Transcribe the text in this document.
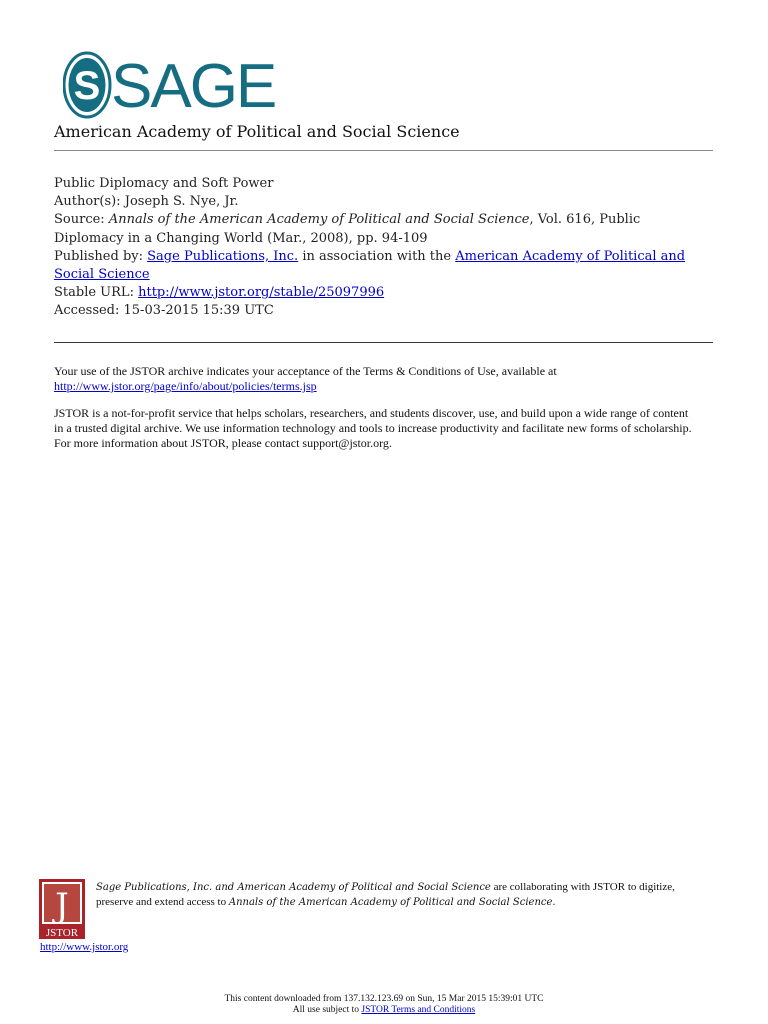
S SAGE
American Academy of Political and Social Science
Public Diplomacy and Soft Power
Author(s): Joseph S. Nye, Jr.
Source: Annals of the American Academy of Political and Social Science, Vol. 616, Public
Diplomacy in a Changing World (Mar., 2008), pp. 94-109
Published by: Sage Publications, Inc. in association with the American Academy of Political and
Social Science
Stable URL: http://www.jstor.org/stable/25097996
Accessed: 15-03-2015 15:39 UTC

Your use of the JSTOR archive indicates your acceptance of the Terms & Conditions of Use, available at
http://www.jstor.org/page/info/about/policies/terms.jsp

JSTOR is a not-for-profit service that helps scholars, researchers, and students discover, use, and build upon a wide range of content
in a trusted digital archive. We use information technology and tools to increase productivity and facilitate new forms of scholarship.
For more information about JSTOR, please contact support@jstor.org.

J
JSTOR
http://www.jstor.org
Sage Publications, Inc. and American Academy of Political and Social Science are collaborating with JSTOR to digitize,
preserve and extend access to Annals of the American Academy of Political and Social Science.
This content downloaded from 137.132.123.69 on Sun, 15 Mar 2015 15:39:01 UTC
All use subject to JSTOR Terms and Conditions
